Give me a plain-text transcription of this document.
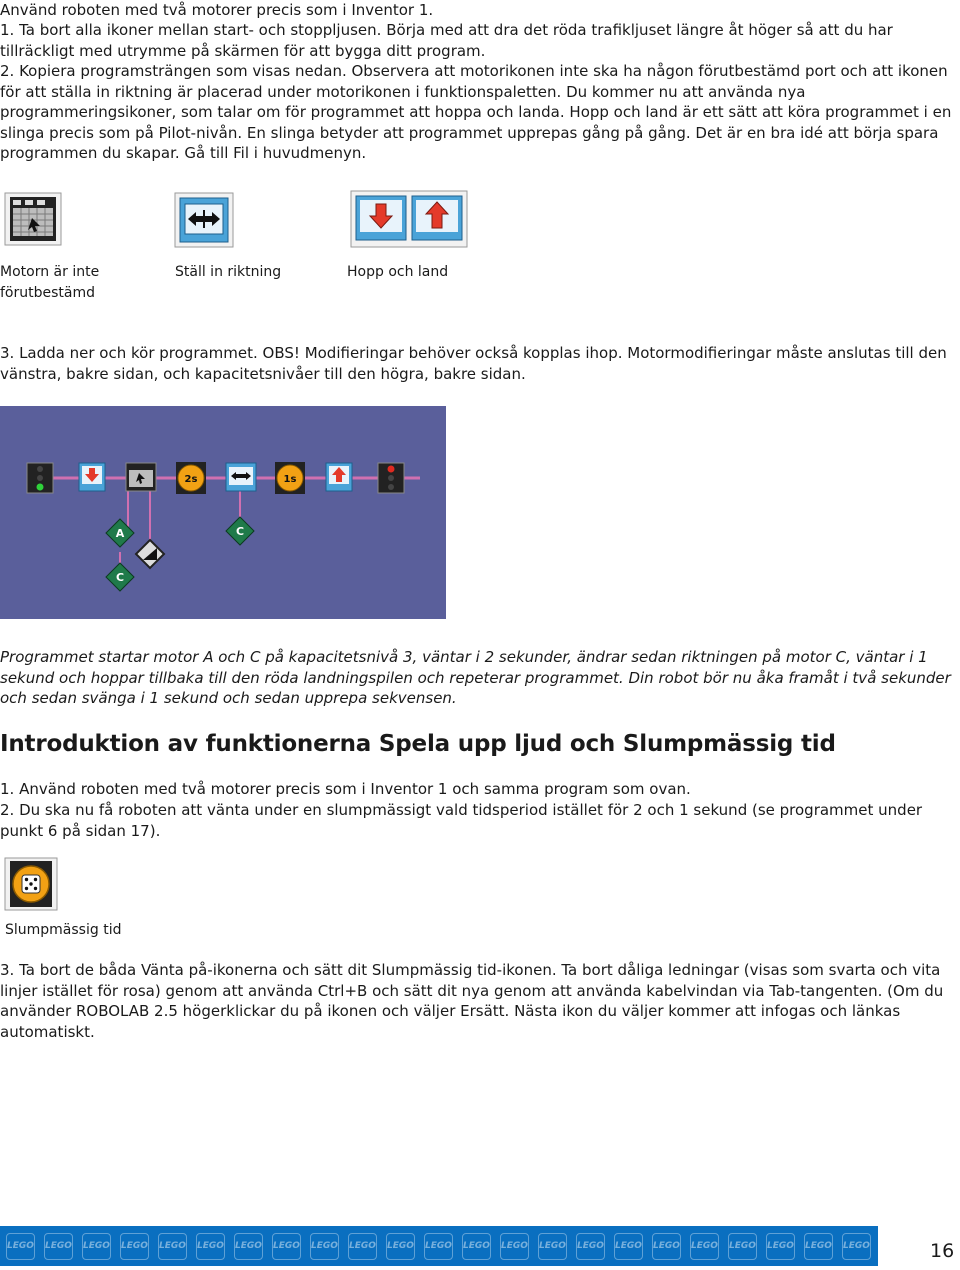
Använd roboten med två motorer precis som i Inventor 1.
1. Ta bort alla ikoner mellan start- och stoppljusen. Börja med att dra det röda trafikljuset längre åt höger så att du har tillräckligt med utrymme på skärmen för att bygga ditt program.
2. Kopiera programsträngen som visas nedan. Observera att motorikonen inte ska ha någon förutbestämd port och att ikonen för att ställa in riktning är placerad under motorikonen i funktionspaletten. Du kommer nu att använda nya programmeringsikoner, som talar om för programmet att hoppa och landa. Hopp och land är ett sätt att köra programmet i en slinga precis som på Pilot-nivån. En slinga betyder att programmet upprepas gång på gång. Det är en bra idé att börja spara programmen du skapar. Gå till Fil i huvudmenyn.
Motorn är inte
förutbestämd
Ställ in riktning	Hopp och land
3. Ladda ner och kör programmet. OBS! Modifieringar behöver också kopplas ihop. Motormodifieringar måste anslutas till den vänstra, bakre sidan, och kapacitetsnivåer till den högra, bakre sidan.
2s	1s
A
C
C
Programmet startar motor A och C på kapacitetsnivå 3, väntar i 2 sekunder, ändrar sedan riktningen på motor C, väntar i 1 sekund och hoppar tillbaka till den röda landningspilen och repeterar programmet. Din robot bör nu åka framåt i två sekunder och sedan svänga i 1 sekund och sedan upprepa sekvensen.
Introduktion av funktionerna Spela upp ljud och Slumpmässig tid
1. Använd roboten med två motorer precis som i Inventor 1 och samma program som ovan.
2. Du ska nu få roboten att vänta under en slumpmässigt vald tidsperiod istället för 2 och 1 sekund (se programmet under punkt 6 på sidan 17).
Slumpmässig tid
3. Ta bort de båda Vänta på-ikonerna och sätt dit Slumpmässig tid-ikonen. Ta bort dåliga ledningar (visas som svarta och vita linjer istället för rosa) genom att använda Ctrl+B och sätt dit nya genom att använda kabelvindan via Tab-tangenten. (Om du använder ROBOLAB 2.5 högerklickar du på ikonen och väljer Ersätt. Nästa ikon du väljer kommer att infogas och länkas automatiskt.
LEGO LEGO LEGO LEGO LEGO LEGO LEGO LEGO LEGO LEGO LEGO LEGO LEGO LEGO LEGO LEGO LEGO LEGO LEGO LEGO LEGO LEGO LEGO	16
